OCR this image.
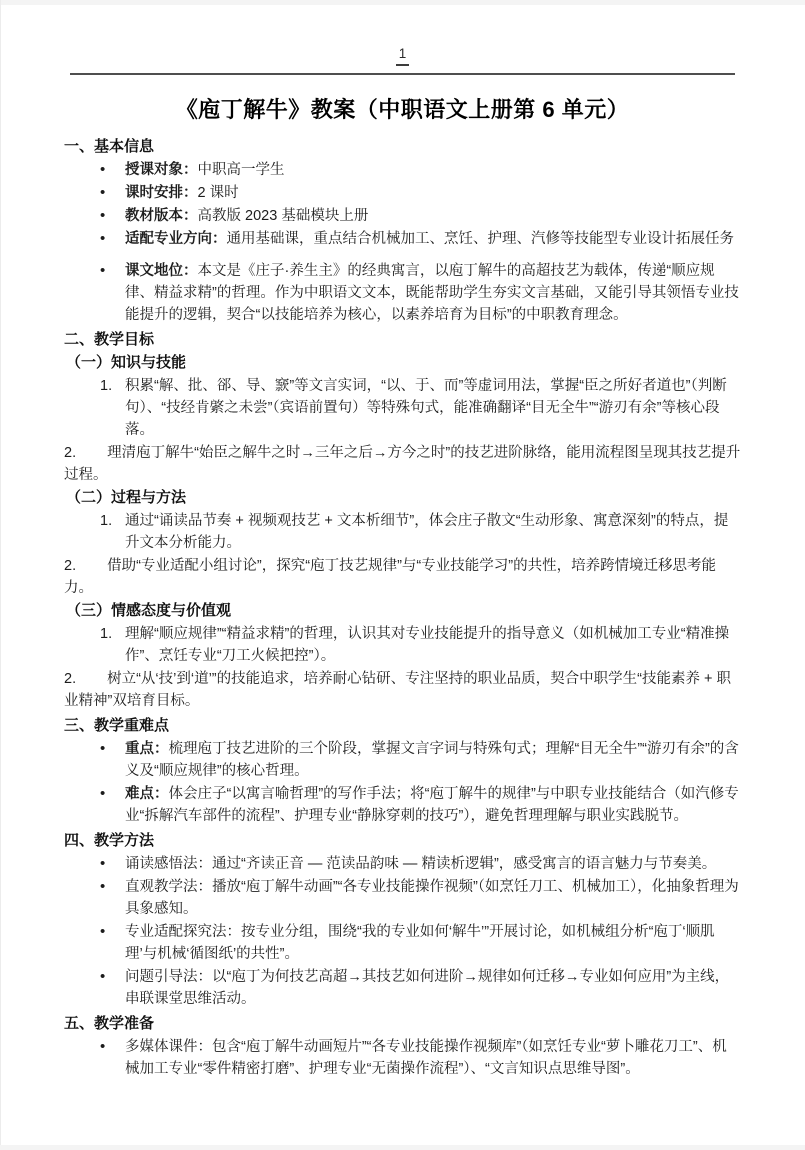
1
《庖丁解牛》教案（中职语文上册第 6 单元）
一、基本信息
•	授课对象：中职高一学生
•	课时安排：2 课时
•	教材版本：高教版 2023 基础模块上册
•	适配专业方向：通用基础课，重点结合机械加工、烹饪、护理、汽修等技能型专业设计拓展任务
•	课文地位：本文是《庄子·养生主》的经典寓言，以庖丁解牛的高超技艺为载体，传递“顺应规律、精益求精”的哲理。作为中职语文文本，既能帮助学生夯实文言基础，又能引导其领悟专业技能提升的逻辑，契合“以技能培养为核心，以素养培育为目标”的中职教育理念。
二、教学目标
（一）知识与技能
1. 积累“解、批、郤、导、窾”等文言实词，“以、于、而”等虚词用法，掌握“臣之所好者道也”（判断句）、“技经肯綮之未尝”（宾语前置句）等特殊句式，能准确翻译“目无全牛”“游刃有余”等核心段落。
2. 理清庖丁解牛“始臣之解牛之时→三年之后→方今之时”的技艺进阶脉络，能用流程图呈现其技艺提升过程。
（二）过程与方法
1. 通过“诵读品节奏 + 视频观技艺 + 文本析细节”，体会庄子散文“生动形象、寓意深刻”的特点，提升文本分析能力。
2. 借助“专业适配小组讨论”，探究“庖丁技艺规律”与“专业技能学习”的共性，培养跨情境迁移思考能力。
（三）情感态度与价值观
1. 理解“顺应规律”“精益求精”的哲理，认识其对专业技能提升的指导意义（如机械加工专业“精准操作”、烹饪专业“刀工火候把控”）。
2. 树立“从‘技’到‘道’”的技能追求，培养耐心钻研、专注坚持的职业品质，契合中职学生“技能素养 + 职业精神”双培育目标。
三、教学重难点
•	重点：梳理庖丁技艺进阶的三个阶段，掌握文言字词与特殊句式；理解“目无全牛”“游刃有余”的含义及“顺应规律”的核心哲理。
•	难点：体会庄子“以寓言喻哲理”的写作手法；将“庖丁解牛的规律”与中职专业技能结合（如汽修专业“拆解汽车部件的流程”、护理专业“静脉穿刺的技巧”），避免哲理理解与职业实践脱节。
四、教学方法
•	诵读感悟法：通过“齐读正音 — 范读品韵味 — 精读析逻辑”，感受寓言的语言魅力与节奏美。
•	直观教学法：播放“庖丁解牛动画”“各专业技能操作视频”（如烹饪刀工、机械加工），化抽象哲理为具象感知。
•	专业适配探究法：按专业分组，围绕“我的专业如何‘解牛’”开展讨论，如机械组分析“庖丁‘顺肌理’与机械‘循图纸’的共性”。
•	问题引导法：以“庖丁为何技艺高超→其技艺如何进阶→规律如何迁移→专业如何应用”为主线，串联课堂思维活动。
五、教学准备
•	多媒体课件：包含“庖丁解牛动画短片”“各专业技能操作视频库”（如烹饪专业“萝卜雕花刀工”、机械加工专业“零件精密打磨”、护理专业“无菌操作流程”）、“文言知识点思维导图”。
